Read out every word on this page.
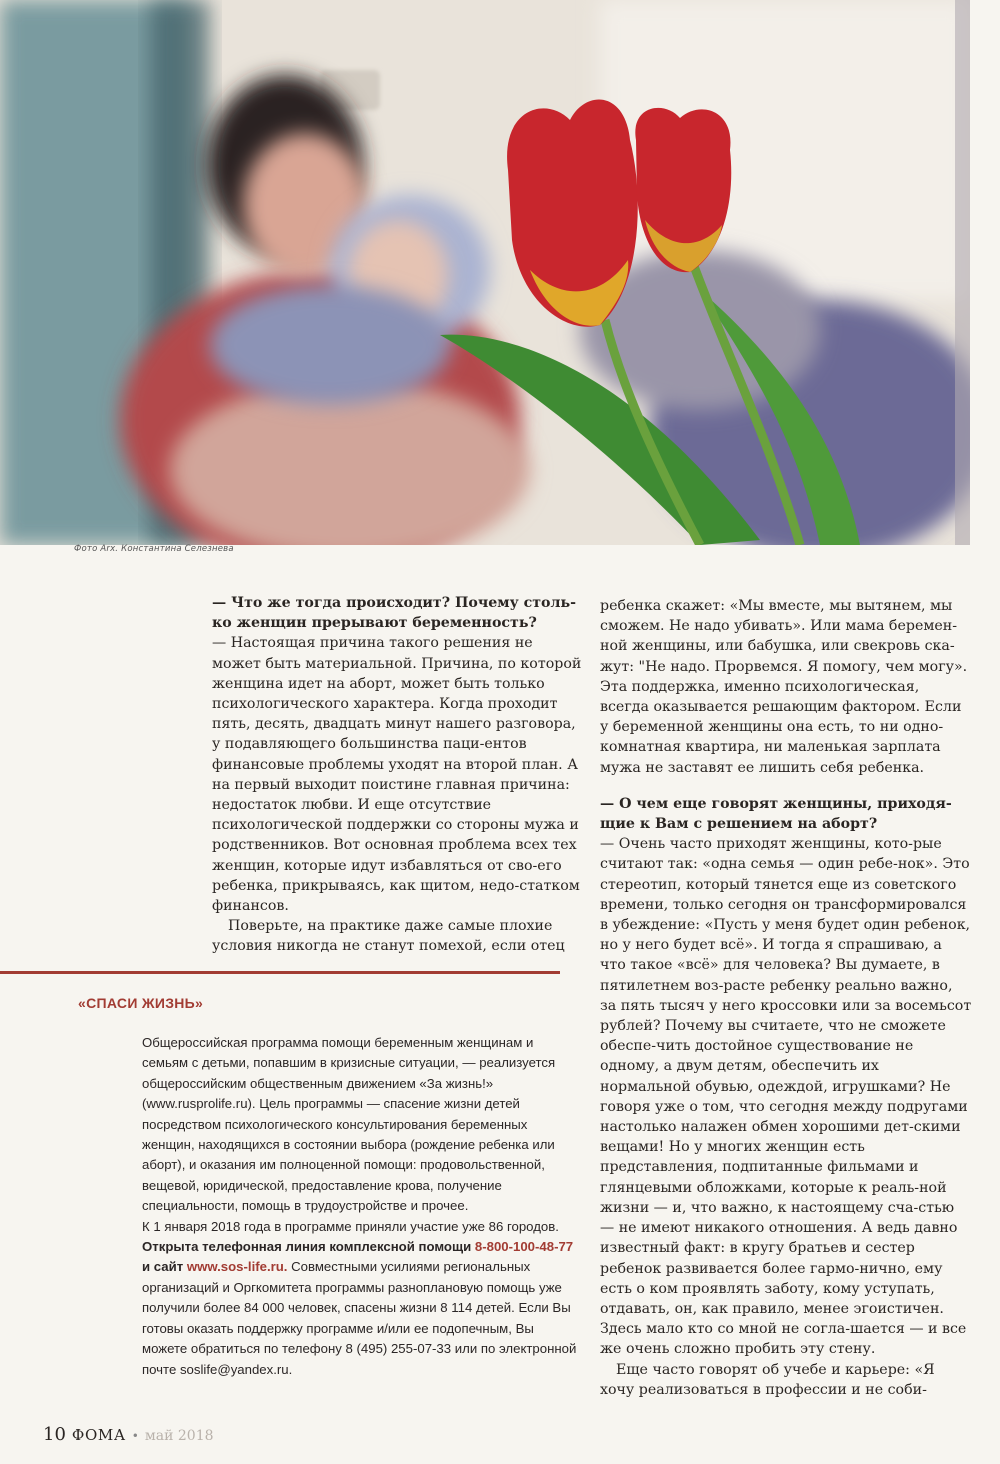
Фото Arx. Константина Селезнева

— Что же тогда происходит? Почему столь-ко женщин прерывают беременность?

— Настоящая причина такого решения не может быть материальной. Причина, по которой женщина идет на аборт, может быть только психологического характера. Когда проходит пять, десять, двадцать минут нашего разговора, у подавляющего большинства паци-ентов финансовые проблемы уходят на второй план. А на первый выходит поистине главная причина: недостаток любви. И еще отсутствие психологической поддержки со стороны мужа и родственников. Вот основная проблема всех тех женщин, которые идут избавляться от сво-его ребенка, прикрываясь, как щитом, недо-статком финансов.

Поверьте, на практике даже самые плохие условия никогда не станут помехой, если отец

ребенка скажет: «Мы вместе, мы вытянем, мы сможем. Не надо убивать». Или мама беремен-ной женщины, или бабушка, или свекровь ска-жут: "Не надо. Прорвемся. Я помогу, чем могу». Эта поддержка, именно психологическая, всегда оказывается решающим фактором. Если у беременной женщины она есть, то ни одно-комнатная квартира, ни маленькая зарплата мужа не заставят ее лишить себя ребенка.

— О чем еще говорят женщины, приходя-щие к Вам с решением на аборт?

— Очень часто приходят женщины, кото-рые считают так: «одна семья — один ребе-нок». Это стереотип, который тянется еще из советского времени, только сегодня он трансформировался в убеждение: «Пусть у меня будет один ребенок, но у него будет всё». И тогда я спрашиваю, а что такое «всё» для человека? Вы думаете, в пятилетнем воз-расте ребенку реально важно, за пять тысяч у него кроссовки или за восемьсот рублей? Почему вы считаете, что не сможете обеспе-чить достойное существование не одному, а двум детям, обеспечить их нормальной обувью, одеждой, игрушками? Не говоря уже о том, что сегодня между подругами настолько налажен обмен хорошими дет-скими вещами! Но у многих женщин есть представления, подпитанные фильмами и глянцевыми обложками, которые к реаль-ной жизни — и, что важно, к настоящему сча-стью — не имеют никакого отношения. А ведь давно известный факт: в кругу братьев и сестер ребенок развивается более гармо-нично, ему есть о ком проявлять заботу, кому уступать, отдавать, он, как правило, менее эгоистичен. Здесь мало кто со мной не согла-шается — и все же очень сложно пробить эту стену.

Еще часто говорят об учебе и карьере: «Я хочу реализоваться в профессии и не соби-

«СПАСИ ЖИЗНЬ»

Общероссийская программа помощи беременным женщинам и семьям с детьми, попавшим в кризисные ситуации, — реализуется общероссийским общественным движением «За жизнь!» (www.rusprolife.ru). Цель программы — спасение жизни детей посредством психологического консультирования беременных женщин, находящихся в состоянии выбора (рождение ребенка или аборт), и оказания им полноценной помощи: продовольственной, вещевой, юридической, предоставление крова, получение специальности, помощь в трудоустройстве и прочее.

К 1 января 2018 года в программе приняли участие уже 86 городов. Открыта телефонная линия комплексной помощи 8-800-100-48-77 и сайт www.sos-life.ru. Совместными усилиями региональных организаций и Оргкомитета программы разноплановую помощь уже получили более 84 000 человек, спасены жизни 8 114 детей. Если Вы готовы оказать поддержку программе и/или ее подопечным, Вы можете обратиться по телефону 8 (495) 255-07-33 или по электронной почте soslife@yandex.ru.

10 ФОМА • май 2018
